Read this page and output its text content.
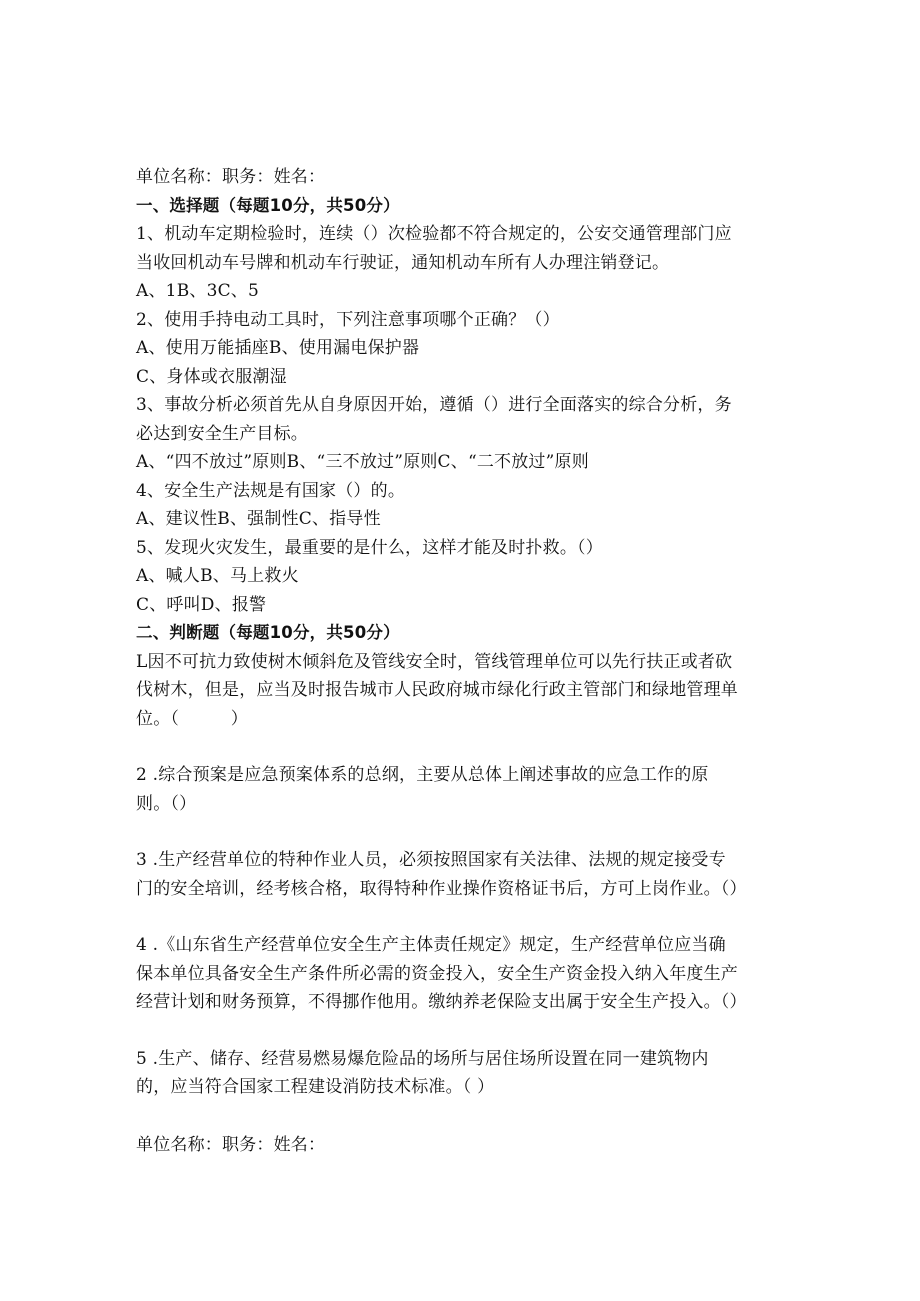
单位名称：职务：姓名：
一、选择题（每题10分，共50分）
1、机动车定期检验时，连续（）次检验都不符合规定的，公安交通管理部门应
当收回机动车号牌和机动车行驶证，通知机动车所有人办理注销登记。
A、1B、3C、5
2、使用手持电动工具时，下列注意事项哪个正确？（）
A、使用万能插座B、使用漏电保护器
C、身体或衣服潮湿
3、事故分析必须首先从自身原因开始，遵循（）进行全面落实的综合分析，务
必达到安全生产目标。
A、“四不放过”原则B、“三不放过”原则C、“二不放过”原则
4、安全生产法规是有国家（）的。
A、建议性B、强制性C、指导性
5、发现火灾发生，最重要的是什么，这样才能及时扑救。（）
A、喊人B、马上救火
C、呼叫D、报警
二、判断题（每题10分，共50分）
L因不可抗力致使树木倾斜危及管线安全时，管线管理单位可以先行扶正或者砍
伐树木，但是，应当及时报告城市人民政府城市绿化行政主管部门和绿地管理单
位。（　　　）
2 .综合预案是应急预案体系的总纲，主要从总体上阐述事故的应急工作的原
则。（）
3 .生产经营单位的特种作业人员，必须按照国家有关法律、法规的规定接受专
门的安全培训，经考核合格，取得特种作业操作资格证书后，方可上岗作业。（）
4 .《山东省生产经营单位安全生产主体责任规定》规定，生产经营单位应当确
保本单位具备安全生产条件所必需的资金投入，安全生产资金投入纳入年度生产
经营计划和财务预算，不得挪作他用。缴纳养老保险支出属于安全生产投入。（）
5 .生产、储存、经营易燃易爆危险品的场所与居住场所设置在同一建筑物内
的，应当符合国家工程建设消防技术标准。（ ）
单位名称：职务：姓名：
